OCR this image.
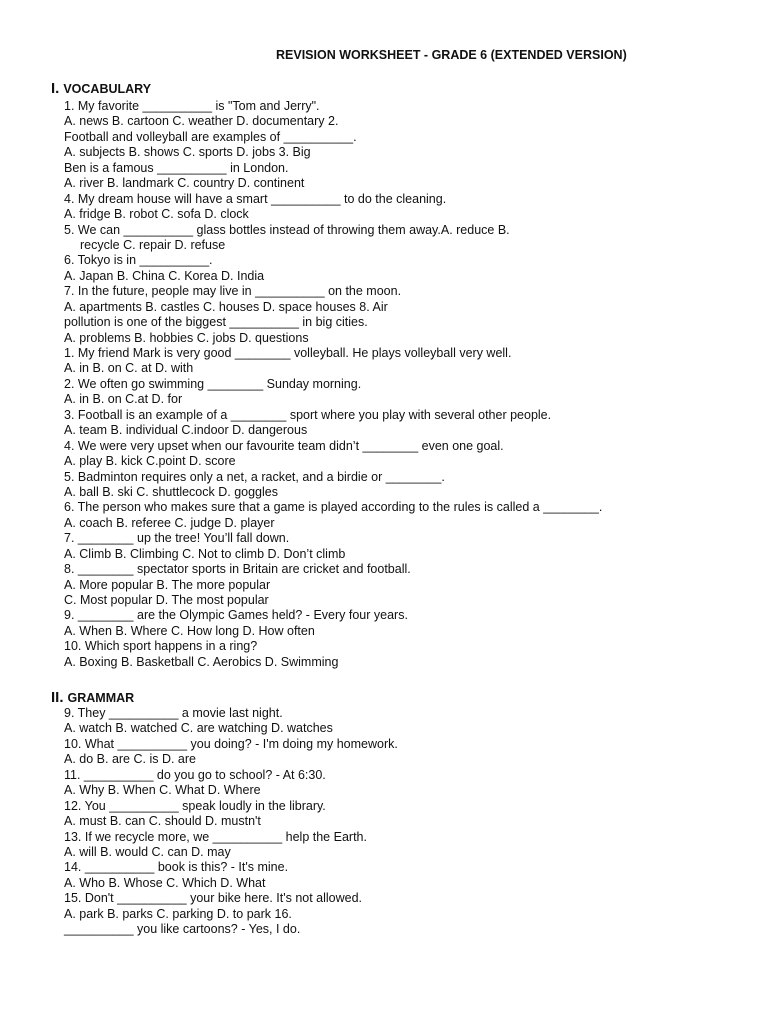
REVISION WORKSHEET - GRADE 6 (EXTENDED VERSION)
I. VOCABULARY
1. My favorite __________ is "Tom and Jerry".
A. news B. cartoon C. weather D. documentary 2.
Football and volleyball are examples of __________.
A. subjects B. shows C. sports D. jobs 3. Big
Ben is a famous __________ in London.
A. river B. landmark C. country D. continent
4. My dream house will have a smart __________ to do the cleaning.
A. fridge B. robot C. sofa D. clock
5. We can __________ glass bottles instead of throwing them away.A. reduce B.
recycle C. repair D. refuse
6. Tokyo is in __________.
A. Japan B. China C. Korea D. India
7. In the future, people may live in __________ on the moon.
A. apartments B. castles C. houses D. space houses 8. Air
pollution is one of the biggest __________ in big cities.
A. problems B. hobbies C. jobs D. questions
1. My friend Mark is very good ________ volleyball. He plays volleyball very well.
A. in B. on C. at D. with
2. We often go swimming ________ Sunday morning.
A. in B. on C.at D. for
3. Football is an example of a ________ sport where you play with several other people.
A. team B. individual C.indoor D. dangerous
4. We were very upset when our favourite team didn’t ________ even one goal.
A. play B. kick C.point D. score
5. Badminton requires only a net, a racket, and a birdie or ________.
A. ball B. ski C. shuttlecock D. goggles
6. The person who makes sure that a game is played according to the rules is called a ________.
A. coach B. referee C. judge D. player
7. ________ up the tree! You’ll fall down.
A. Climb B. Climbing C. Not to climb D. Don’t climb
8. ________ spectator sports in Britain are cricket and football.
A. More popular B. The more popular
C. Most popular D. The most popular
9. ________ are the Olympic Games held? - Every four years.
A. When B. Where C. How long D. How often
10. Which sport happens in a ring?
A. Boxing B. Basketball C. Aerobics D. Swimming
II. GRAMMAR
9. They __________ a movie last night.
A. watch B. watched C. are watching D. watches
10. What __________ you doing? - I'm doing my homework.
A. do B. are C. is D. are
11. __________ do you go to school? - At 6:30.
A. Why B. When C. What D. Where
12. You __________ speak loudly in the library.
A. must B. can C. should D. mustn't
13. If we recycle more, we __________ help the Earth.
A. will B. would C. can D. may
14. __________ book is this? - It's mine.
A. Who B. Whose C. Which D. What
15. Don't __________ your bike here. It's not allowed.
A. park B. parks C. parking D. to park 16.
__________ you like cartoons? - Yes, I do.
